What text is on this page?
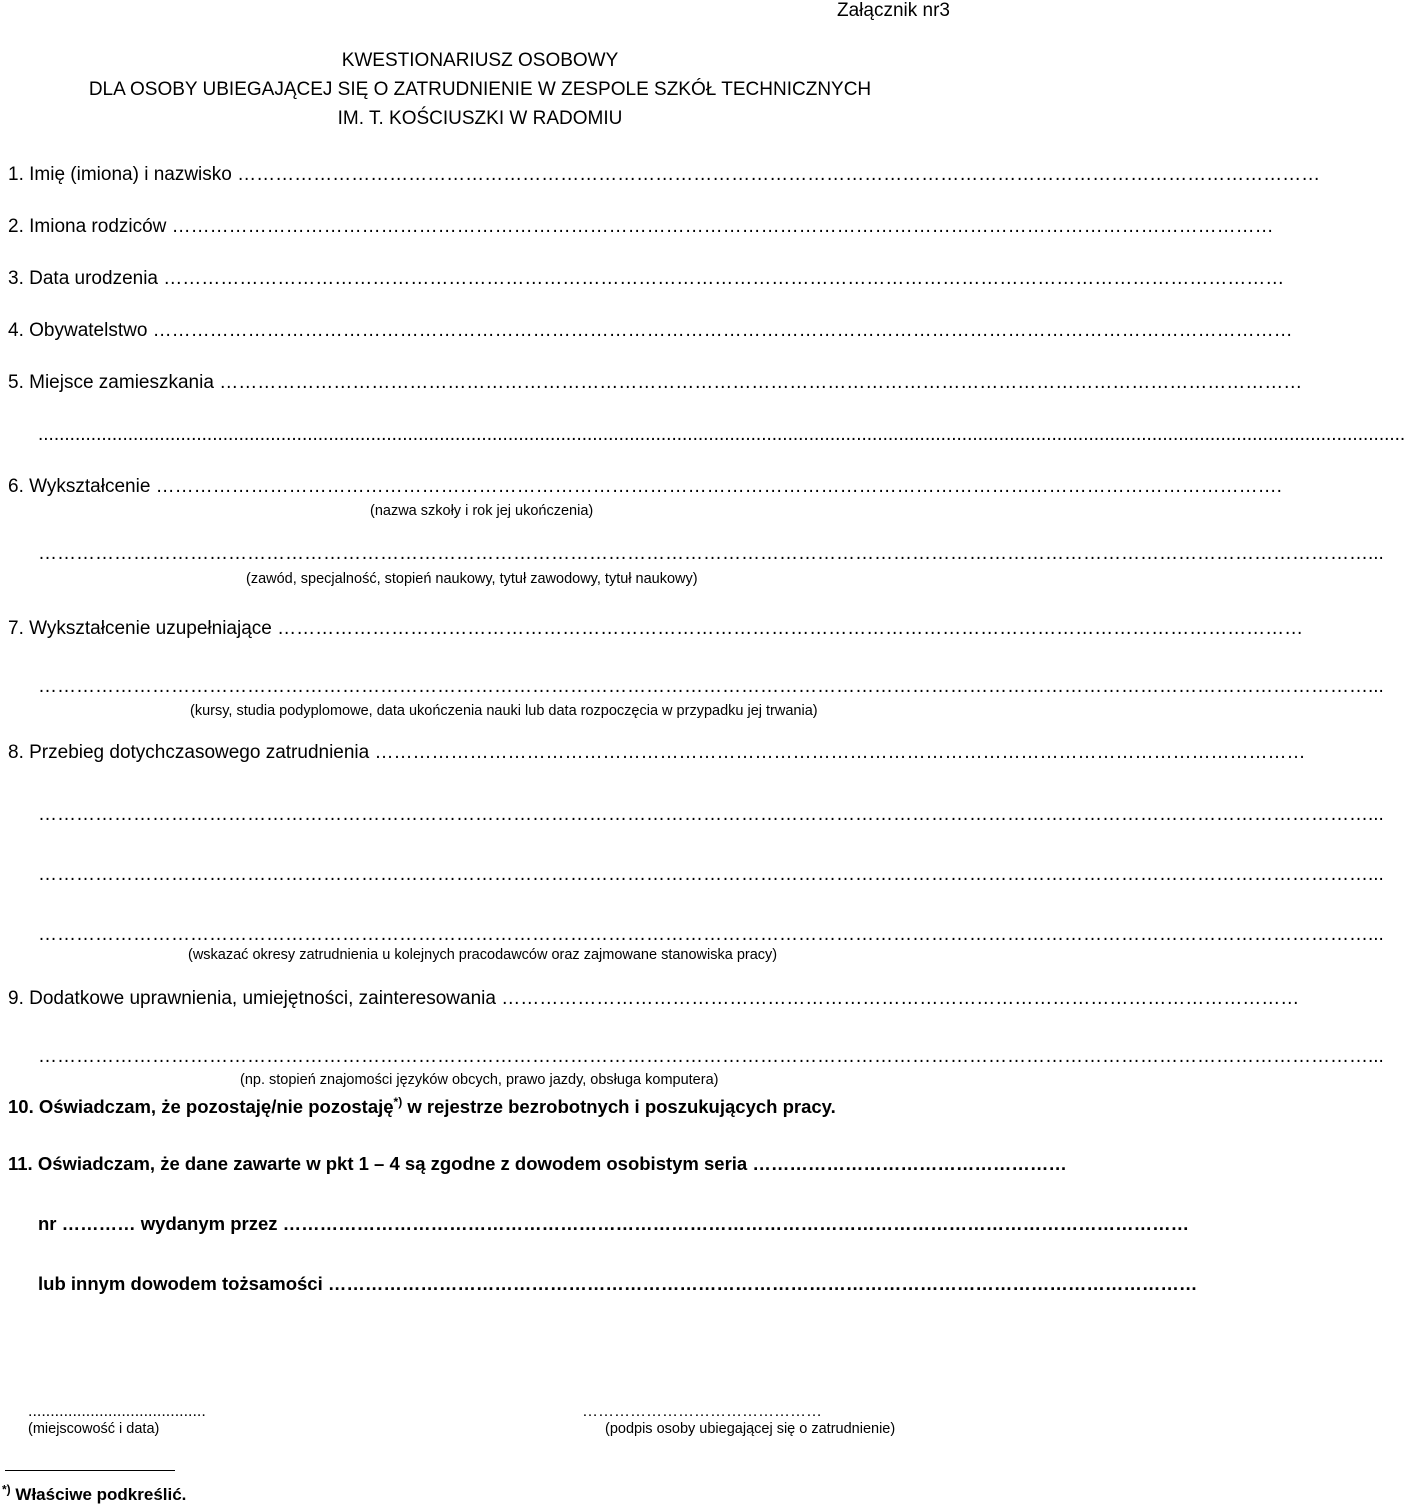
Załącznik nr3
KWESTIONARIUSZ OSOBOWY
DLA OSOBY UBIEGAJĄCEJ SIĘ O ZATRUDNIENIE W ZESPOLE SZKÓŁ TECHNICZNYCH
IM. T. KOŚCIUSZKI W RADOMIU
1. Imię (imiona) i nazwisko ………………………………………………………………………………………………………………………………………………………
2. Imiona rodziców …………………………………………………………………………………………………………………………………………………………
3. Data urodzenia ……………………………………………………………………………………………………………………………………………………………
4. Obywatelstwo ………………………………………………………………………………………………………………………………………………………………
5. Miejsce zamieszkania ………………………………………………………………………………………………………………………………………………………
...................................................................................................................................................................................................................................................................
6. Wykształcenie …………………………………………………………………………………………………………………………………………………………….
(nazwa szkoły i rok jej ukończenia)
…………………………………………………………………………………………………………………………………………………………………………………………...
(zawód, specjalność, stopień naukowy, tytuł zawodowy, tytuł naukowy)
7. Wykształcenie uzupełniające ………………………………………………………………………………………………………………………………………………
…………………………………………………………………………………………………………………………………………………………………………………………...
(kursy, studia podyplomowe, data ukończenia nauki lub data rozpoczęcia w przypadku jej trwania)
8. Przebieg dotychczasowego zatrudnienia …………………………………………………………………………………………………………………………………
…………………………………………………………………………………………………………………………………………………………………………………………...
…………………………………………………………………………………………………………………………………………………………………………………………...
…………………………………………………………………………………………………………………………………………………………………………………………...
(wskazać okresy zatrudnienia u kolejnych pracodawców oraz zajmowane stanowiska pracy)
9. Dodatkowe uprawnienia, umiejętności, zainteresowania ………………………………………………………………………………………………………………
…………………………………………………………………………………………………………………………………………………………………………………………...
(np. stopień znajomości języków obcych, prawo jazdy, obsługa komputera)
10. Oświadczam, że pozostaję/nie pozostaję*) w rejestrze bezrobotnych i poszukujących pracy.
11. Oświadczam, że dane zawarte w pkt 1 – 4 są zgodne z dowodem osobistym seria ……………………………………………
nr ………… wydanym przez …………………………………………………………………………………………………………………………………
lub innym dowodem tożsamości ……………………………………………………………………………………………………………………………
........................................
(miejscowość i data)
………………………………………
(podpis osoby ubiegającej się o zatrudnienie)
*) Właściwe podkreślić.
